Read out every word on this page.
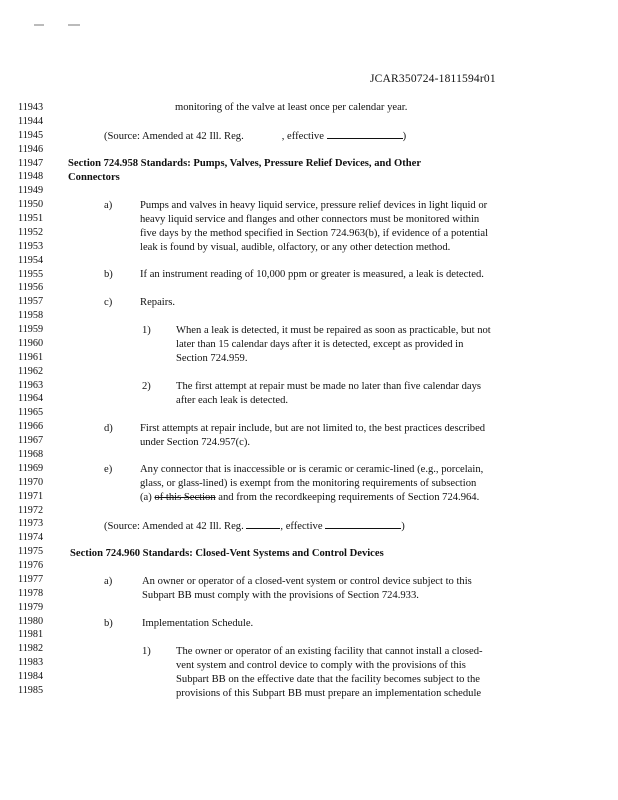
JCAR350724-1811594r01
11943
11944
11945
11946
11947
11948
11949
11950
11951
11952
11953
11954
11955
11956
11957
11958
11959
11960
11961
11962
11963
11964
11965
11966
11967
11968
11969
11970
11971
11972
11973
11974
11975
11976
11977
11978
11979
11980
11981
11982
11983
11984
11985
monitoring of the valve at least once per calendar year.
(Source: Amended at 42 Ill. Reg.	, effective	)
Section 724.958 Standards: Pumps, Valves, Pressure Relief Devices, and Other
Connectors
a)	Pumps and valves in heavy liquid service, pressure relief devices in light liquid or
heavy liquid service and flanges and other connectors must be monitored within
five days by the method specified in Section 724.963(b), if evidence of a potential
leak is found by visual, audible, olfactory, or any other detection method.
b)	If an instrument reading of 10,000 ppm or greater is measured, a leak is detected.
c)	Repairs.
1) When a leak is detected, it must be repaired as soon as practicable, but not
later than 15 calendar days after it is detected, except as provided in
Section 724.959.
2) The first attempt at repair must be made no later than five calendar days
after each leak is detected.
d)	First attempts at repair include, but are not limited to, the best practices described
under Section 724.957(c).
e)	Any connector that is inaccessible or is ceramic or ceramic-lined (e.g., porcelain,
glass, or glass-lined) is exempt from the monitoring requirements of subsection
(a) of this Section and from the recordkeeping requirements of Section 724.964.
(Source: Amended at 42 Ill. Reg.	, effective	)
Section 724.960 Standards: Closed-Vent Systems and Control Devices
a)	An owner or operator of a closed-vent system or control device subject to this
Subpart BB must comply with the provisions of Section 724.933.
b)	Implementation Schedule.
1) The owner or operator of an existing facility that cannot install a closed-
vent system and control device to comply with the provisions of this
Subpart BB on the effective date that the facility becomes subject to the
provisions of this Subpart BB must prepare an implementation schedule
